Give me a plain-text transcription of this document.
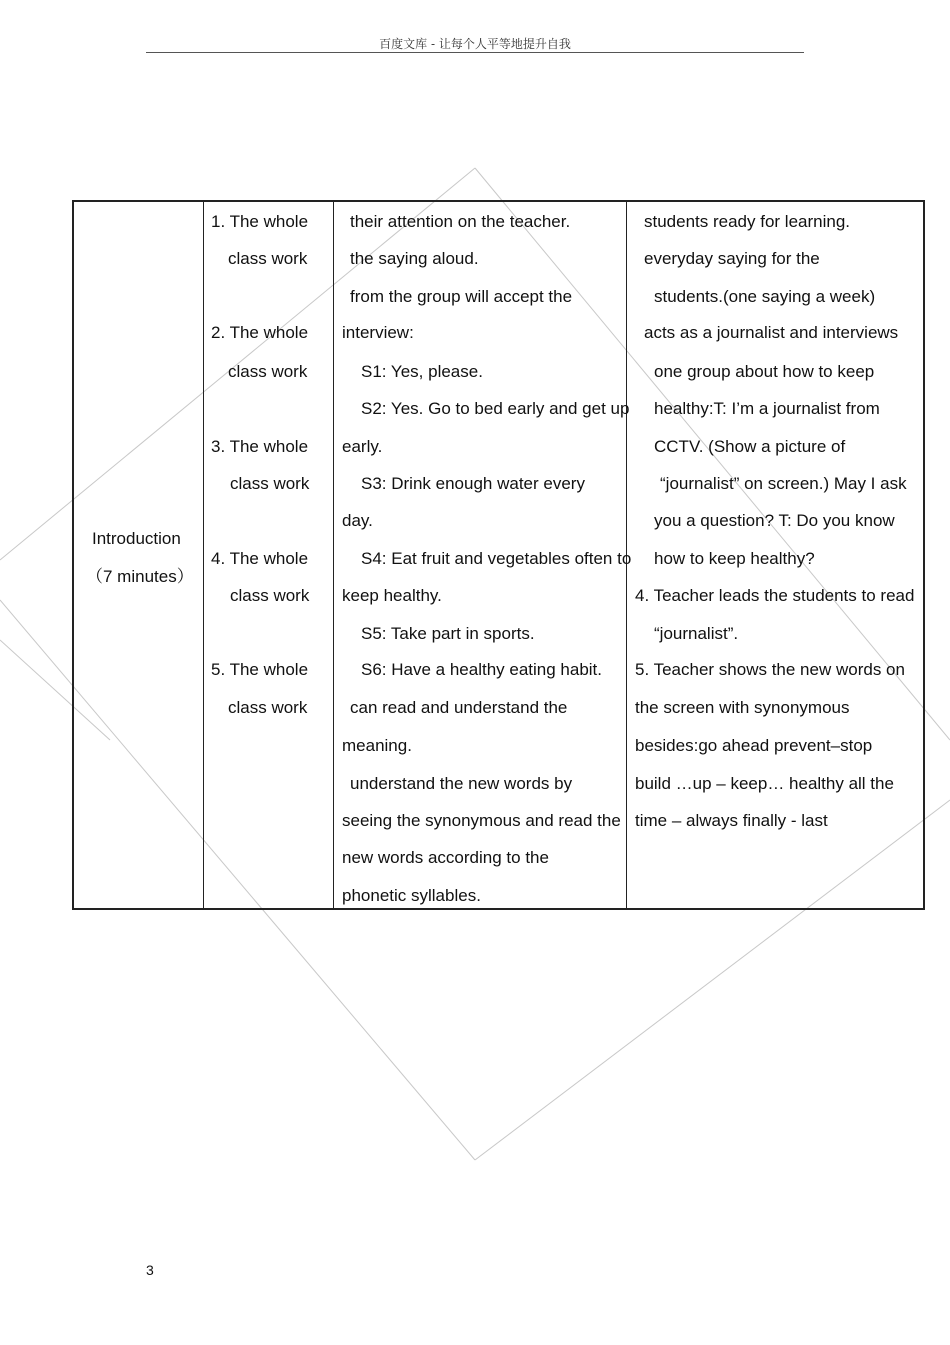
百度文库 - 让每个人平等地提升自我
Introduction
（7 minutes）
1. The whole
class work
2. The whole
class work
3. The whole
class work
4. The whole
class work
5. The whole
class work
their attention on the teacher.
the saying aloud.
from the group will accept the
interview:
S1: Yes, please.
S2: Yes. Go to bed early and get up
early.
S3: Drink enough water every
day.
S4: Eat fruit and vegetables often to
keep healthy.
S5: Take part in sports.
S6: Have a healthy eating habit.
can read and understand the
meaning.
understand the new words by
seeing the synonymous and read the
new words according to the
phonetic syllables.
students ready for learning.
everyday saying for the
students.(one saying a week)
acts as a journalist and interviews
one group about how to keep
healthy:T: I’m a journalist from
CCTV. (Show a picture of
“journalist” on screen.) May I ask
you a question? T: Do you know
how to keep healthy?
4. Teacher leads the students to read
“journalist”.
5. Teacher shows the new words on
the screen with synonymous
besides:go ahead prevent–stop
build …up – keep… healthy all the
time – always finally - last
3
